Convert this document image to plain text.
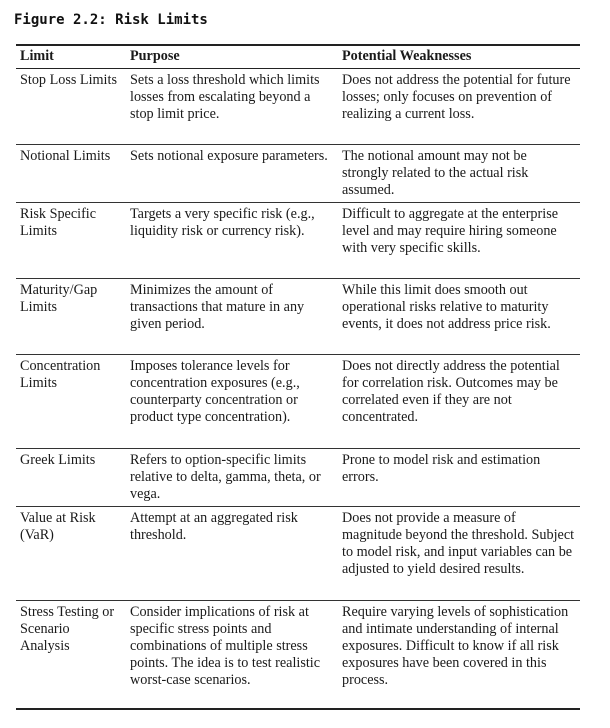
Figure 2.2: Risk Limits
Limit	Purpose	Potential Weaknesses
Stop Loss Limits	Sets a loss threshold which limits losses from escalating beyond a stop limit price.	Does not address the potential for future losses; only focuses on prevention of realizing a current loss.
Notional Limits	Sets notional exposure parameters.	The notional amount may not be strongly related to the actual risk assumed.
Risk Specific Limits	Targets a very specific risk (e.g., liquidity risk or currency risk).	Difficult to aggregate at the enterprise level and may require hiring someone with very specific skills.
Maturity/Gap Limits	Minimizes the amount of transactions that mature in any given period.	While this limit does smooth out operational risks relative to maturity events, it does not address price risk.
Concentration Limits	Imposes tolerance levels for concentration exposures (e.g., counterparty concentration or product type concentration).	Does not directly address the potential for correlation risk. Outcomes may be correlated even if they are not concentrated.
Greek Limits	Refers to option-specific limits relative to delta, gamma, theta, or vega.	Prone to model risk and estimation errors.
Value at Risk (VaR)	Attempt at an aggregated risk threshold.	Does not provide a measure of magnitude beyond the threshold. Subject to model risk, and input variables can be adjusted to yield desired results.
Stress Testing or Scenario Analysis	Consider implications of risk at specific stress points and combinations of multiple stress points. The idea is to test realistic worst-case scenarios.	Require varying levels of sophistication and intimate understanding of internal exposures. Difficult to know if all risk exposures have been covered in this process.
